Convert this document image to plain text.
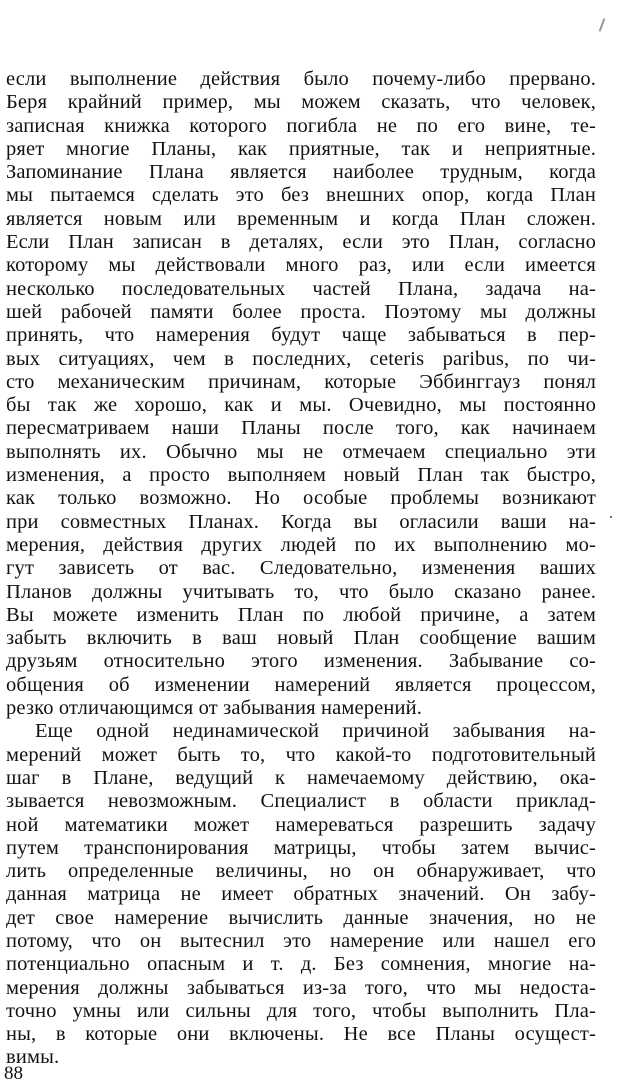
если выполнение действия было почему-либо прервано.
Беря крайний пример, мы можем сказать, что человек,
записная книжка которого погибла не по его вине, те-
ряет многие Планы, как приятные, так и неприятные.
Запоминание Плана является наиболее трудным, когда
мы пытаемся сделать это без внешних опор, когда План
является новым или временным и когда План сложен.
Если План записан в деталях, если это План, согласно
которому мы действовали много раз, или если имеется
несколько последовательных частей Плана, задача на-
шей рабочей памяти более проста. Поэтому мы должны
принять, что намерения будут чаще забываться в пер-
вых ситуациях, чем в последних, ceteris paribus, по чи-
сто механическим причинам, которые Эббинггауз понял
бы так же хорошо, как и мы. Очевидно, мы постоянно
пересматриваем наши Планы после того, как начинаем
выполнять их. Обычно мы не отмечаем специально эти
изменения, а просто выполняем новый План так быстро,
как только возможно. Но особые проблемы возникают
при совместных Планах. Когда вы огласили ваши на-
мерения, действия других людей по их выполнению мо-
гут зависеть от вас. Следовательно, изменения ваших
Планов должны учитывать то, что было сказано ранее.
Вы можете изменить План по любой причине, а затем
забыть включить в ваш новый План сообщение вашим
друзьям относительно этого изменения. Забывание со-
общения об изменении намерений является процессом,
резко отличающимся от забывания намерений.
Еще одной нединамической причиной забывания на-
мерений может быть то, что какой-то подготовительный
шаг в Плане, ведущий к намечаемому действию, ока-
зывается невозможным. Специалист в области приклад-
ной математики может намереваться разрешить задачу
путем транспонирования матрицы, чтобы затем вычис-
лить определенные величины, но он обнаруживает, что
данная матрица не имеет обратных значений. Он забу-
дет свое намерение вычислить данные значения, но не
потому, что он вытеснил это намерение или нашел его
потенциально опасным и т. д. Без сомнения, многие на-
мерения должны забываться из-за того, что мы недоста-
точно умны или сильны для того, чтобы выполнить Пла-
ны, в которые они включены. Не все Планы осущест-
вимы.
88
